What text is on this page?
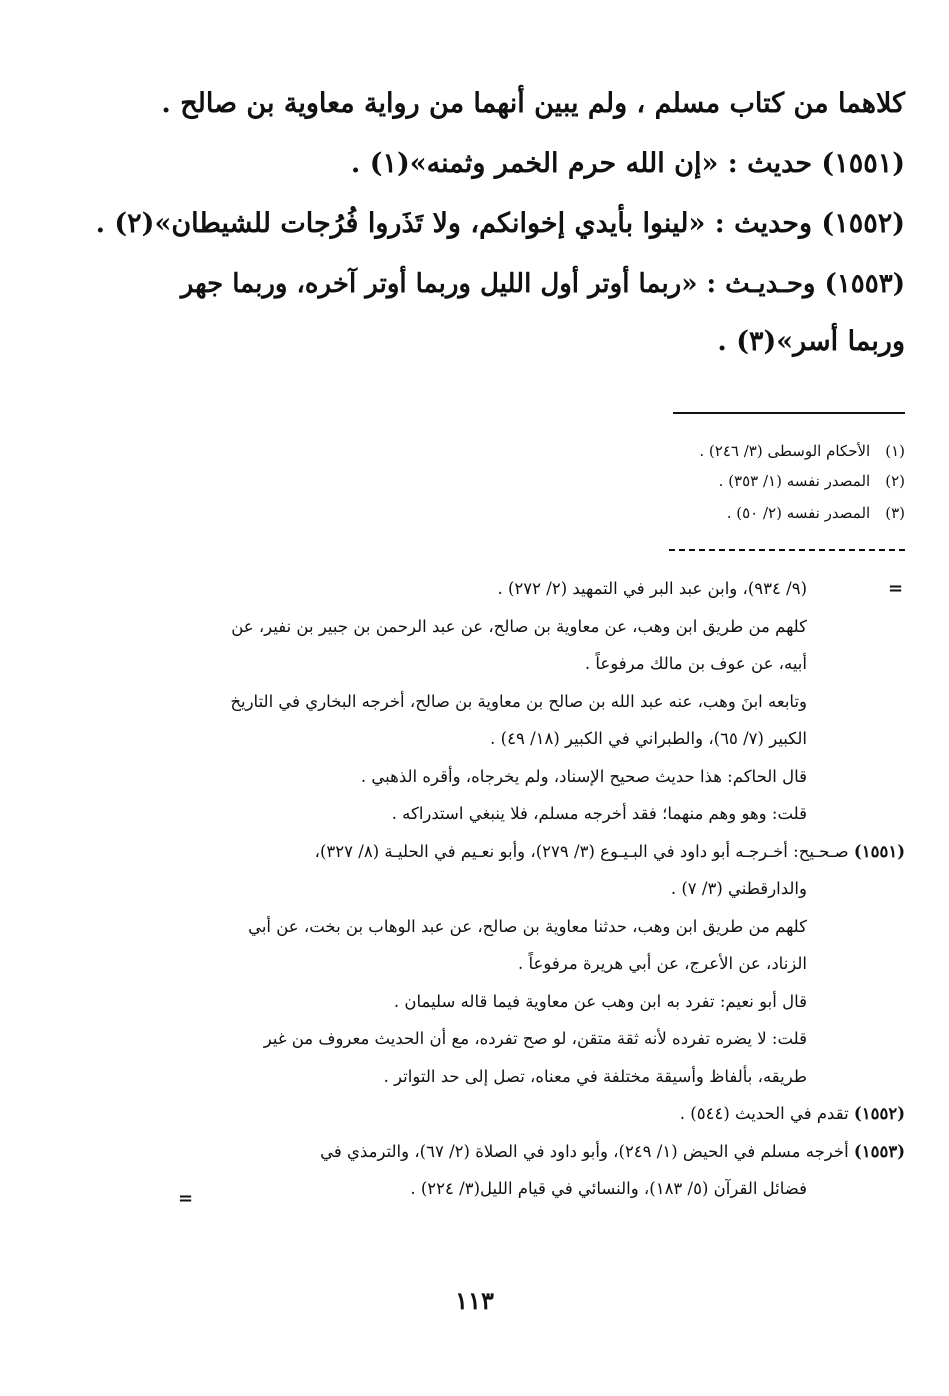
كلاهما من كتاب مسلم ، ولم يبين أنهما من رواية معاوية بن صالح .
(١٥٥١) حديث : «إن الله حرم الخمر وثمنه»(١) .
(١٥٥٢) وحديث : «لينوا بأيدي إخوانكم، ولا تَذَروا فُرُجات للشيطان»(٢) .
(١٥٥٣) وحـديـث : «ربما أوتر أول الليل وربما أوتر آخره، وربما جهر
وربما أسر»(٣) .
(١) الأحكام الوسطى (٣/ ٢٤٦) .
(٢) المصدر نفسه (١/ ٣٥٣) .
(٣) المصدر نفسه (٢/ ٥٠) .
=
(٩/ ٩٣٤)، وابن عبد البر في التمهيد (٢/ ٢٧٢) .
كلهم من طريق ابن وهب، عن معاوية بن صالح، عن عبد الرحمن بن جبير بن نفير، عن
أبيه، عن عوف بن مالك مرفوعاً .
وتابعه ابنَ وهب، عنه عبد الله بن صالح بن معاوية بن صالح، أخرجه البخاري في التاريخ
الكبير (٧/ ٦٥)، والطبراني في الكبير (١٨/ ٤٩) .
قال الحاكم: هذا حديث صحيح الإسناد، ولم يخرجاه، وأقره الذهبي .
قلت: وهو وهم منهما؛ فقد أخرجه مسلم، فلا ينبغي استدراكه .
(١٥٥١) صـحـيح: أخـرجـه أبو داود في البـيـوع (٣/ ٢٧٩)، وأبو نعـيم في الحليـة (٨/ ٣٢٧)،
والدارقطني (٣/ ٧) .
كلهم من طريق ابن وهب، حدثنا معاوية بن صالح، عن عبد الوهاب بن بخت، عن أبي
الزناد، عن الأعرج، عن أبي هريرة مرفوعاً .
قال أبو نعيم: تفرد به ابن وهب عن معاوية فيما قاله سليمان .
قلت: لا يضره تفرده لأنه ثقة متقن، لو صح تفرده، مع أن الحديث معروف من غير
طريقه، بألفاظ وأسيقة مختلفة في معناه، تصل إلى حد التواتر .
(١٥٥٢) تقدم في الحديث (٥٤٤) .
(١٥٥٣) أخرجه مسلم في الحيض (١/ ٢٤٩)، وأبو داود في الصلاة (٢/ ٦٧)، والترمذي في
فضائل القرآن (٥/ ١٨٣)، والنسائي في قيام الليل(٣/ ٢٢٤) .
=
١١٣
